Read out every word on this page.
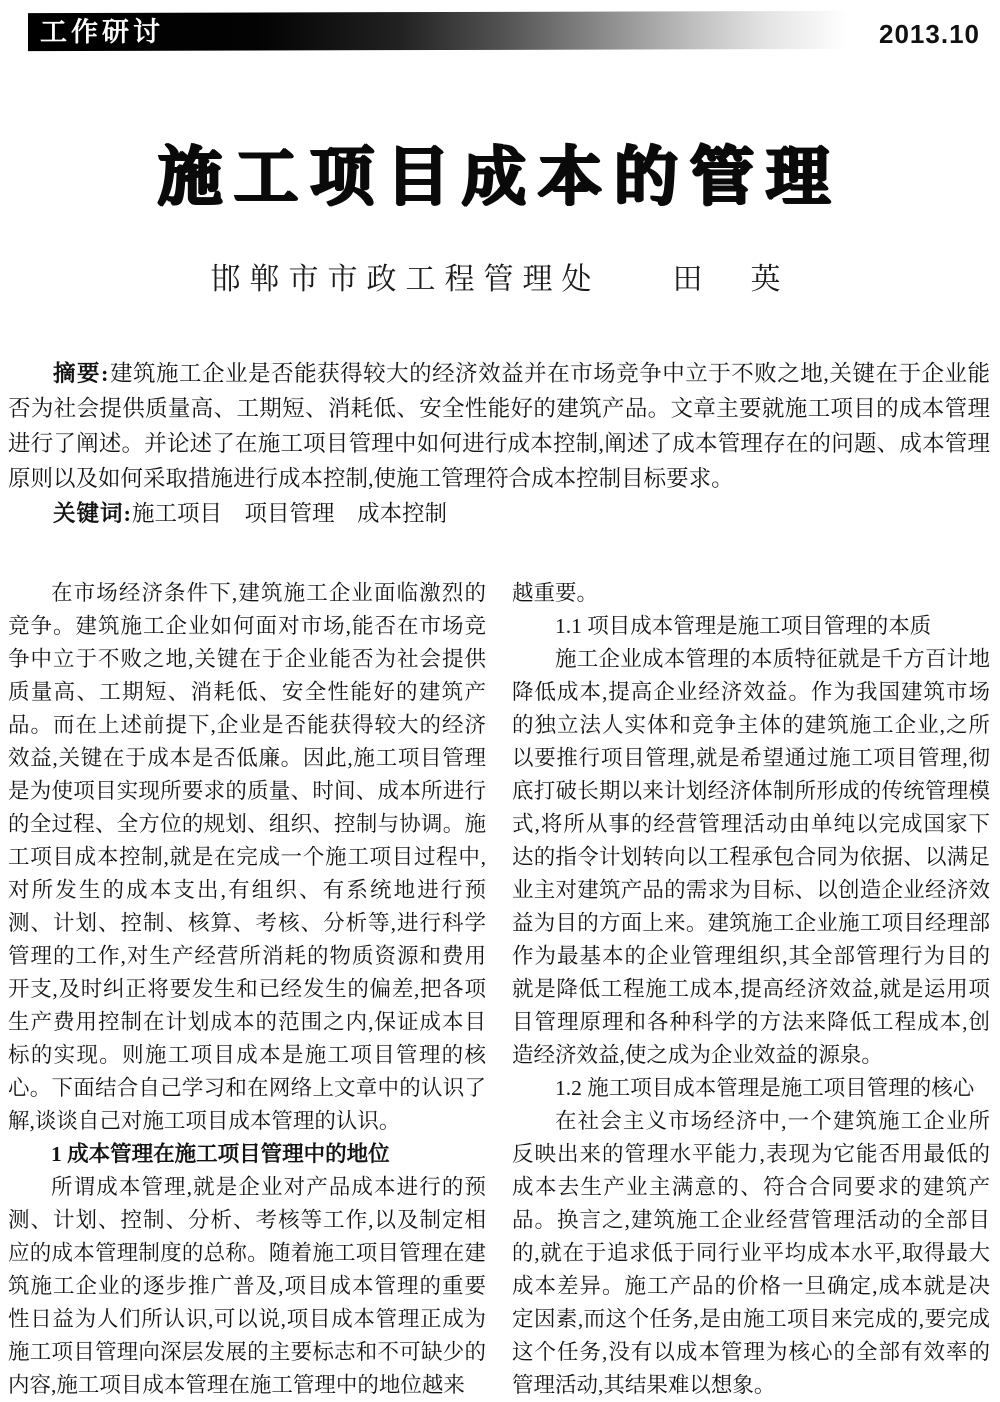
工作研讨	2013.10
施工项目成本的管理
邯郸市市政工程管理处 田　英

摘要:建筑施工企业是否能获得较大的经济效益并在市场竞争中立于不败之地,关键在于企业能否为社会提供质量高、工期短、消耗低、安全性能好的建筑产品。文章主要就施工项目的成本管理进行了阐述。并论述了在施工项目管理中如何进行成本控制,阐述了成本管理存在的问题、成本管理原则以及如何采取措施进行成本控制,使施工管理符合成本控制目标要求。

关键词:施工项目　项目管理　成本控制

在市场经济条件下,建筑施工企业面临激烈的竞争。建筑施工企业如何面对市场,能否在市场竞争中立于不败之地,关键在于企业能否为社会提供质量高、工期短、消耗低、安全性能好的建筑产品。而在上述前提下,企业是否能获得较大的经济效益,关键在于成本是否低廉。因此,施工项目管理是为使项目实现所要求的质量、时间、成本所进行的全过程、全方位的规划、组织、控制与协调。施工项目成本控制,就是在完成一个施工项目过程中,对所发生的成本支出,有组织、有系统地进行预测、计划、控制、核算、考核、分析等,进行科学管理的工作,对生产经营所消耗的物质资源和费用开支,及时纠正将要发生和已经发生的偏差,把各项生产费用控制在计划成本的范围之内,保证成本目标的实现。则施工项目成本是施工项目管理的核心。下面结合自己学习和在网络上文章中的认识了解,谈谈自己对施工项目成本管理的认识。

1 成本管理在施工项目管理中的地位

所谓成本管理,就是企业对产品成本进行的预测、计划、控制、分析、考核等工作,以及制定相应的成本管理制度的总称。随着施工项目管理在建筑施工企业的逐步推广普及,项目成本管理的重要性日益为人们所认识,可以说,项目成本管理正成为施工项目管理向深层发展的主要标志和不可缺少的内容,施工项目成本管理在施工管理中的地位越来

越重要。

1.1 项目成本管理是施工项目管理的本质

施工企业成本管理的本质特征就是千方百计地降低成本,提高企业经济效益。作为我国建筑市场的独立法人实体和竞争主体的建筑施工企业,之所以要推行项目管理,就是希望通过施工项目管理,彻底打破长期以来计划经济体制所形成的传统管理模式,将所从事的经营管理活动由单纯以完成国家下达的指令计划转向以工程承包合同为依据、以满足业主对建筑产品的需求为目标、以创造企业经济效益为目的方面上来。建筑施工企业施工项目经理部作为最基本的企业管理组织,其全部管理行为目的就是降低工程施工成本,提高经济效益,就是运用项目管理原理和各种科学的方法来降低工程成本,创造经济效益,使之成为企业效益的源泉。

1.2 施工项目成本管理是施工项目管理的核心

在社会主义市场经济中,一个建筑施工企业所反映出来的管理水平能力,表现为它能否用最低的成本去生产业主满意的、符合合同要求的建筑产品。换言之,建筑施工企业经营管理活动的全部目的,就在于追求低于同行业平均成本水平,取得最大成本差异。施工产品的价格一旦确定,成本就是决定因素,而这个任务,是由施工项目来完成的,要完成这个任务,没有以成本管理为核心的全部有效率的管理活动,其结果难以想象。
